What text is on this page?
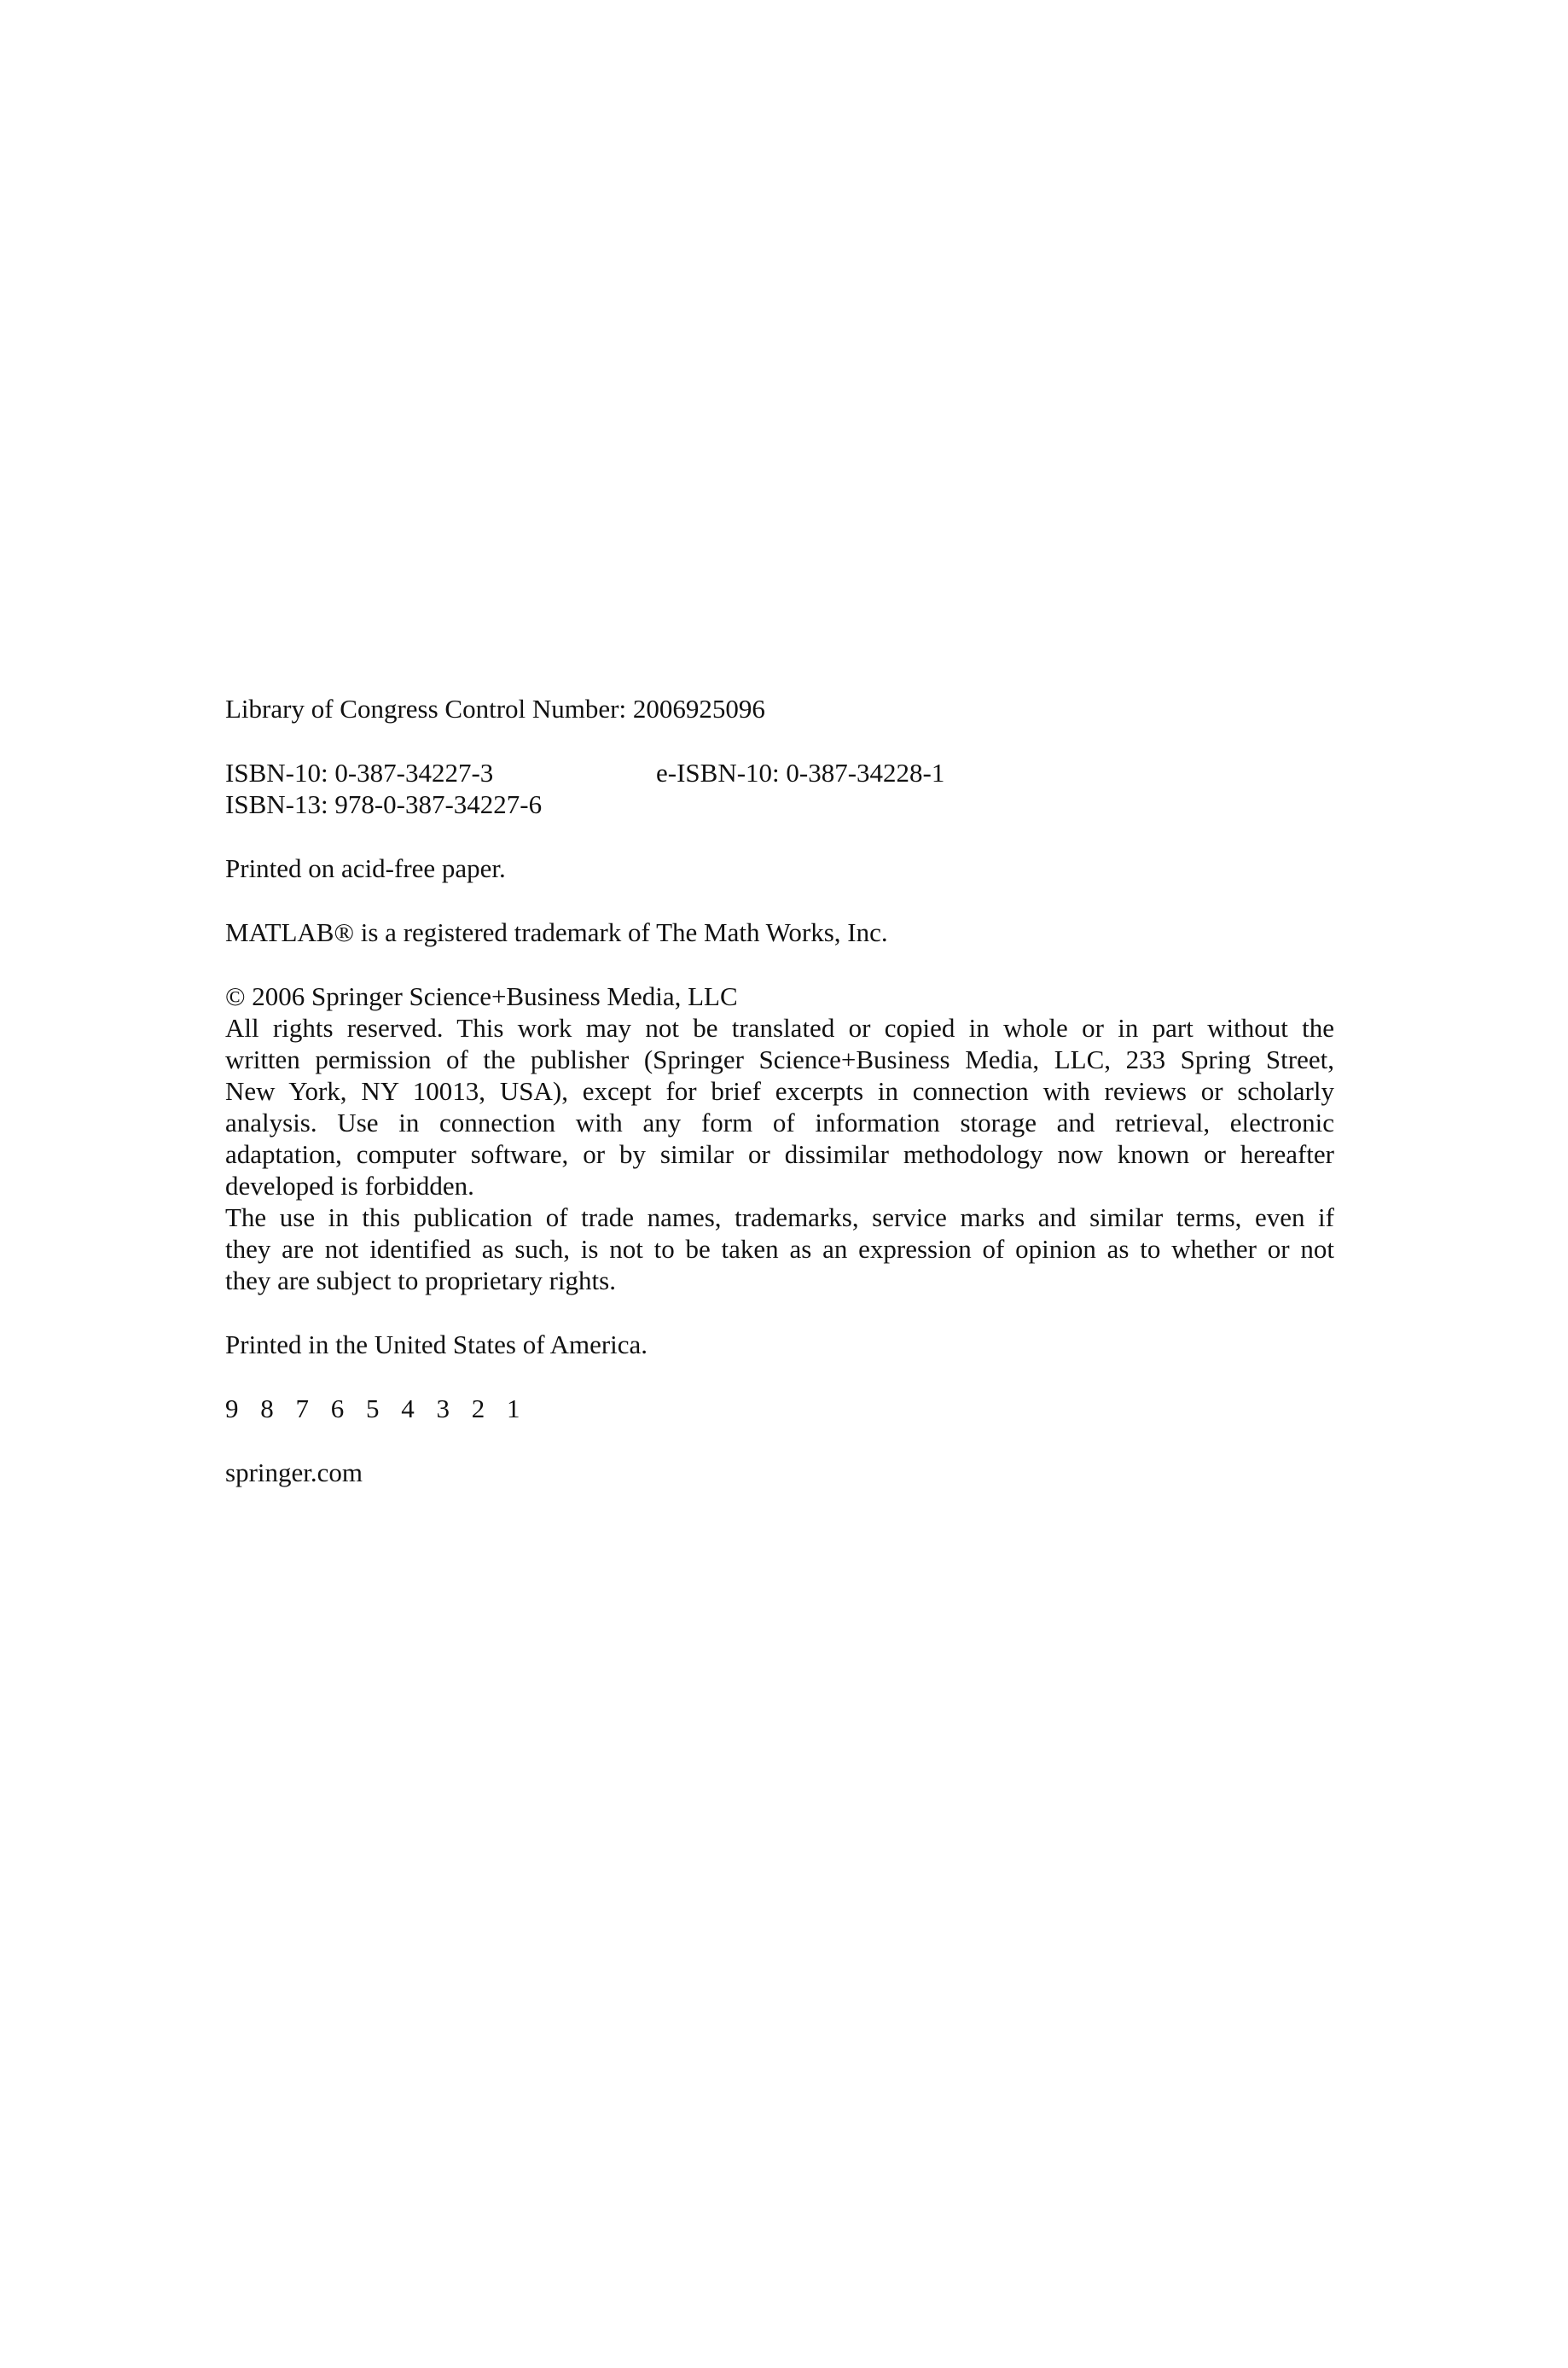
Library of Congress Control Number: 2006925096

ISBN-10: 0-387-34227-3	e-ISBN-10: 0-387-34228-1
ISBN-13: 978-0-387-34227-6

Printed on acid-free paper.

MATLAB® is a registered trademark of The Math Works, Inc.

© 2006 Springer Science+Business Media, LLC
All rights reserved. This work may not be translated or copied in whole or in part without the
written permission of the publisher (Springer Science+Business Media, LLC, 233 Spring Street,
New York, NY 10013, USA), except for brief excerpts in connection with reviews or scholarly
analysis. Use in connection with any form of information storage and retrieval, electronic
adaptation, computer software, or by similar or dissimilar methodology now known or hereafter
developed is forbidden.
The use in this publication of trade names, trademarks, service marks and similar terms, even if
they are not identified as such, is not to be taken as an expression of opinion as to whether or not
they are subject to proprietary rights.

Printed in the United States of America.

9 8 7 6 5 4 3 2 1

springer.com
